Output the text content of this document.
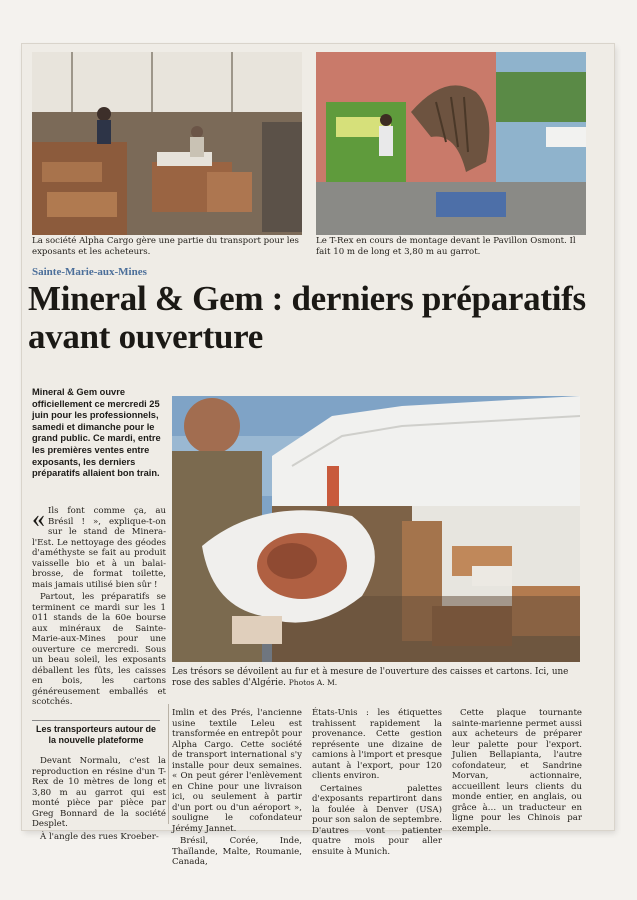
La société Alpha Cargo gère une partie du transport pour les exposants et les acheteurs.
Le T-Rex en cours de montage devant le Pavillon Osmont. Il fait 10 m de long et 3,80 m au garrot.
Sainte-Marie-aux-Mines
Mineral & Gem : derniers préparatifs avant ouverture
Mineral & Gem ouvre officiellement ce mercredi 25 juin pour les professionnels, samedi et dimanche pour le grand public. Ce mardi, entre les premières ventes entre exposants, les derniers préparatifs allaient bon train.
Les trésors se dévoilent au fur et à mesure de l'ouverture des caisses et cartons. Ici, une rose des sables d'Algérie. Photos A. M.

« Ils font comme ça, au Brésil ! », explique-t-on sur le stand de Minera-l'Est. Le nettoyage des géodes d'améthyste se fait au produit vaisselle bio et à un balai-brosse, de format toilette, mais jamais utilisé bien sûr !

Partout, les préparatifs se terminent ce mardi sur les 1 011 stands de la 60e bourse aux minéraux de Sainte-Marie-aux-Mines pour une ouverture ce mercredi. Sous un beau soleil, les exposants déballent les fûts, les caisses en bois, les cartons généreusement emballés et scotchés.

Les transporteurs autour de la nouvelle plateforme

Devant Normalu, c'est la reproduction en résine d'un T-Rex de 10 mètres de long et 3,80 m au garrot qui est monté pièce par pièce par Greg Bonnard de la société Desplet.

À l'angle des rues Kroeber-

Imlin et des Prés, l'ancienne usine textile Leleu est transformée en entrepôt pour Alpha Cargo. Cette société de transport international s'y installe pour deux semaines. « On peut gérer l'enlèvement en Chine pour une livraison ici, ou seulement à partir d'un port ou d'un aéroport », souligne le cofondateur Jérémy Jannet.

Brésil, Corée, Inde, Thaïlande, Malte, Roumanie, Canada,

États-Unis : les étiquettes trahissent rapidement la provenance. Cette gestion représente une dizaine de camions à l'import et presque autant à l'export, pour 120 clients environ.

Certaines palettes d'exposants repartiront dans la foulée à Denver (USA) pour son salon de septembre. D'autres vont patienter quatre mois pour aller ensuite à Munich.

Cette plaque tournante sainte-marienne permet aussi aux acheteurs de préparer leur palette pour l'export. Julien Bellapianta, l'autre cofondateur, et Sandrine Morvan, actionnaire, accueillent leurs clients du monde entier, en anglais, ou grâce à… un traducteur en ligne pour les Chinois par exemple.
